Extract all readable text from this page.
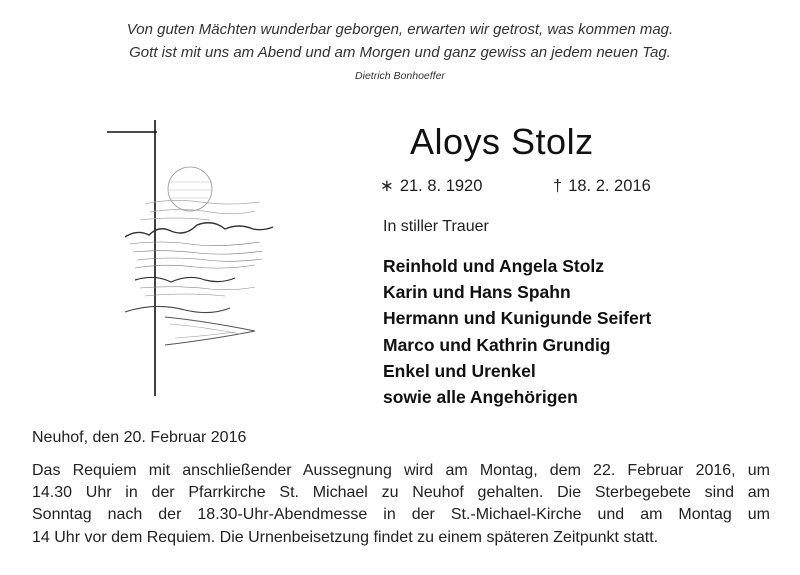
Von guten Mächten wunderbar geborgen, erwarten wir getrost, was kommen mag.
Gott ist mit uns am Abend und am Morgen und ganz gewiss an jedem neuen Tag.
Dietrich Bonhoeffer
Aloys Stolz
∗ 21. 8. 1920	† 18. 2. 2016
In stiller Trauer
Reinhold und Angela Stolz
Karin und Hans Spahn
Hermann und Kunigunde Seifert
Marco und Kathrin Grundig
Enkel und Urenkel
sowie alle Angehörigen
Neuhof, den 20. Februar 2016
Das Requiem mit anschließender Aussegnung wird am Montag, dem 22. Februar 2016, um
14.30 Uhr in der Pfarrkirche St. Michael zu Neuhof gehalten. Die Sterbegebete sind am
Sonntag nach der 18.30-Uhr-Abendmesse in der St.-Michael-Kirche und am Montag um
14 Uhr vor dem Requiem. Die Urnenbeisetzung findet zu einem späteren Zeitpunkt statt.
